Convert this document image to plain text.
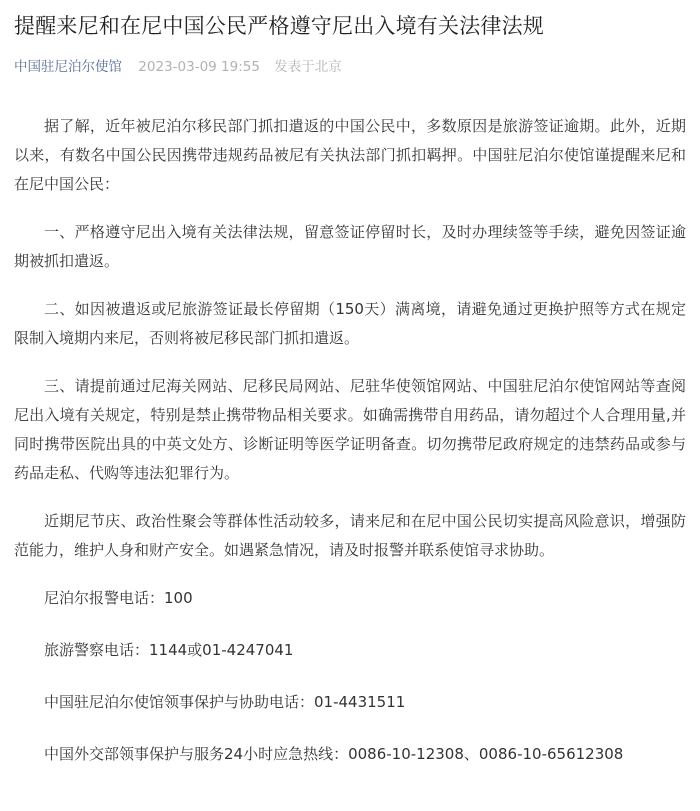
提醒来尼和在尼中国公民严格遵守尼出入境有关法律法规
中国驻尼泊尔使馆 2023-03-09 19:55 发表于北京

据了解，近年被尼泊尔移民部门抓扣遣返的中国公民中，多数原因是旅游签证逾期。此外，近期以来，有数名中国公民因携带违规药品被尼有关执法部门抓扣羁押。中国驻尼泊尔使馆谨提醒来尼和在尼中国公民：

一、严格遵守尼出入境有关法律法规，留意签证停留时长，及时办理续签等手续，避免因签证逾期被抓扣遣返。

二、如因被遣返或尼旅游签证最长停留期（150天）满离境，请避免通过更换护照等方式在规定限制入境期内来尼，否则将被尼移民部门抓扣遣返。

三、请提前通过尼海关网站、尼移民局网站、尼驻华使领馆网站、中国驻尼泊尔使馆网站等查阅尼出入境有关规定，特别是禁止携带物品相关要求。如确需携带自用药品，请勿超过个人合理用量,并同时携带医院出具的中英文处方、诊断证明等医学证明备查。切勿携带尼政府规定的违禁药品或参与药品走私、代购等违法犯罪行为。

近期尼节庆、政治性聚会等群体性活动较多，请来尼和在尼中国公民切实提高风险意识，增强防范能力，维护人身和财产安全。如遇紧急情况，请及时报警并联系使馆寻求协助。

尼泊尔报警电话：100

旅游警察电话：1144或01-4247041

中国驻尼泊尔使馆领事保护与协助电话：01-4431511

中国外交部领事保护与服务24小时应急热线：0086-10-12308、0086-10-65612308
